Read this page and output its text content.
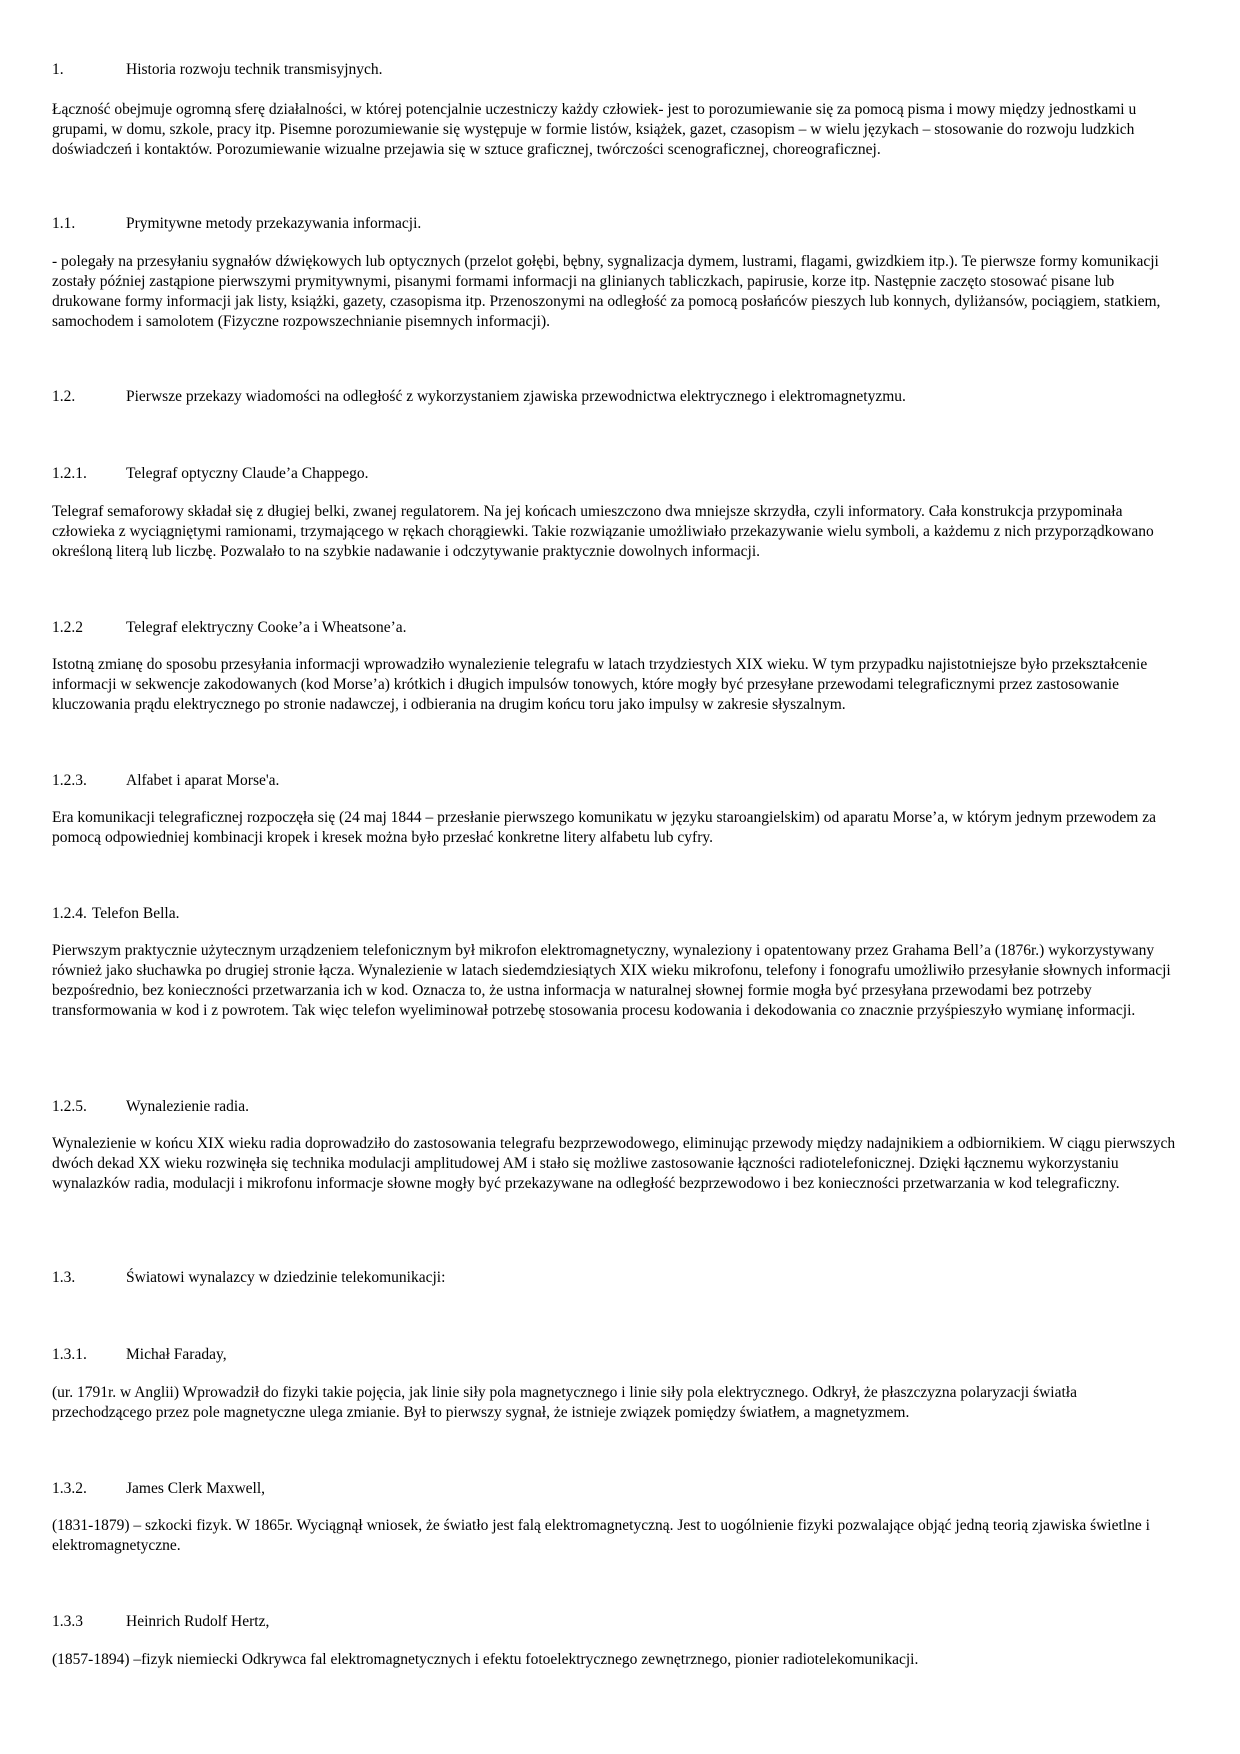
1.	Historia rozwoju technik transmisyjnych.

Łączność obejmuje ogromną sferę działalności, w której potencjalnie uczestniczy każdy człowiek- jest to porozumiewanie się za pomocą pisma i mowy między jednostkami u grupami, w domu, szkole, pracy itp. Pisemne porozumiewanie się występuje w formie listów, książek, gazet, czasopism – w wielu językach – stosowanie do rozwoju ludzkich doświadczeń i kontaktów. Porozumiewanie wizualne przejawia się w sztuce graficznej, twórczości scenograficznej, choreograficznej.

1.1.	Prymitywne metody przekazywania informacji.

- polegały na przesyłaniu sygnałów dźwiękowych lub optycznych (przelot gołębi, bębny, sygnalizacja dymem, lustrami, flagami, gwizdkiem itp.). Te pierwsze formy komunikacji zostały później zastąpione pierwszymi prymitywnymi, pisanymi formami informacji na glinianych tabliczkach, papirusie, korze itp. Następnie zaczęto stosować pisane lub drukowane formy informacji jak listy, książki, gazety, czasopisma itp. Przenoszonymi na odległość za pomocą posłańców pieszych lub konnych, dyliżansów, pociągiem, statkiem, samochodem i samolotem (Fizyczne rozpowszechnianie pisemnych informacji).

1.2.	Pierwsze przekazy wiadomości na odległość z wykorzystaniem zjawiska przewodnictwa elektrycznego i elektromagnetyzmu.
1.2.1.	Telegraf optyczny Claude’a Chappego.

Telegraf semaforowy składał się z długiej belki, zwanej regulatorem. Na jej końcach umieszczono dwa mniejsze skrzydła, czyli informatory. Cała konstrukcja przypominała człowieka z wyciągniętymi ramionami, trzymającego w rękach chorągiewki. Takie rozwiązanie umożliwiało przekazywanie wielu symboli, a każdemu z nich przyporządkowano określoną literą lub liczbę. Pozwalało to na szybkie nadawanie i odczytywanie praktycznie dowolnych informacji.

1.2.2	Telegraf elektryczny Cooke’a i Wheatsone’a.

Istotną zmianę do sposobu przesyłania informacji wprowadziło wynalezienie telegrafu w latach trzydziestych XIX wieku. W tym przypadku najistotniejsze było przekształcenie informacji w sekwencje zakodowanych (kod Morse’a) krótkich i długich impulsów tonowych, które mogły być przesyłane przewodami telegraficznymi przez zastosowanie kluczowania prądu elektrycznego po stronie nadawczej, i odbierania na drugim końcu toru jako impulsy w zakresie słyszalnym.

1.2.3.	Alfabet i aparat Morse'a.

Era komunikacji telegraficznej rozpoczęła się (24 maj 1844 – przesłanie pierwszego komunikatu w języku staroangielskim) od aparatu Morse’a, w którym jednym przewodem za pomocą odpowiedniej kombinacji kropek i kresek można było przesłać konkretne litery alfabetu lub cyfry.

1.2.4. Telefon Bella.

Pierwszym praktycznie użytecznym urządzeniem telefonicznym był mikrofon elektromagnetyczny, wynaleziony i opatentowany przez Grahama Bell’a (1876r.) wykorzystywany również jako słuchawka po drugiej stronie łącza. Wynalezienie w latach siedemdziesiątych XIX wieku mikrofonu, telefony i fonografu umożliwiło przesyłanie słownych informacji bezpośrednio, bez konieczności przetwarzania ich w kod. Oznacza to, że ustna informacja w naturalnej słownej formie mogła być przesyłana przewodami bez potrzeby transformowania w kod i z powrotem. Tak więc telefon wyeliminował potrzebę stosowania procesu kodowania i dekodowania co znacznie przyśpieszyło wymianę informacji.

1.2.5.	Wynalezienie radia.

Wynalezienie w końcu XIX wieku radia doprowadziło do zastosowania telegrafu bezprzewodowego, eliminując przewody między nadajnikiem a odbiornikiem. W ciągu pierwszych dwóch dekad XX wieku rozwinęła się technika modulacji amplitudowej AM i stało się możliwe zastosowanie łączności radiotelefonicznej. Dzięki łącznemu wykorzystaniu wynalazków radia, modulacji i mikrofonu informacje słowne mogły być przekazywane na odległość bezprzewodowo i bez konieczności przetwarzania w kod telegraficzny.

1.3.	Światowi wynalazcy w dziedzinie telekomunikacji:
1.3.1.	Michał Faraday,

(ur. 1791r. w Anglii) Wprowadził do fizyki takie pojęcia, jak linie siły pola magnetycznego i linie siły pola elektrycznego. Odkrył, że płaszczyzna polaryzacji światła przechodzącego przez pole magnetyczne ulega zmianie. Był to pierwszy sygnał, że istnieje związek pomiędzy światłem, a magnetyzmem.

1.3.2.	James Clerk Maxwell,

(1831-1879) – szkocki fizyk. W 1865r. Wyciągnął wniosek, że światło jest falą elektromagnetyczną. Jest to uogólnienie fizyki pozwalające objąć jedną teorią zjawiska świetlne i elektromagnetyczne.

1.3.3	Heinrich Rudolf Hertz,

(1857-1894) –fizyk niemiecki Odkrywca fal elektromagnetycznych i efektu fotoelektrycznego zewnętrznego, pionier radiotelekomunikacji.
